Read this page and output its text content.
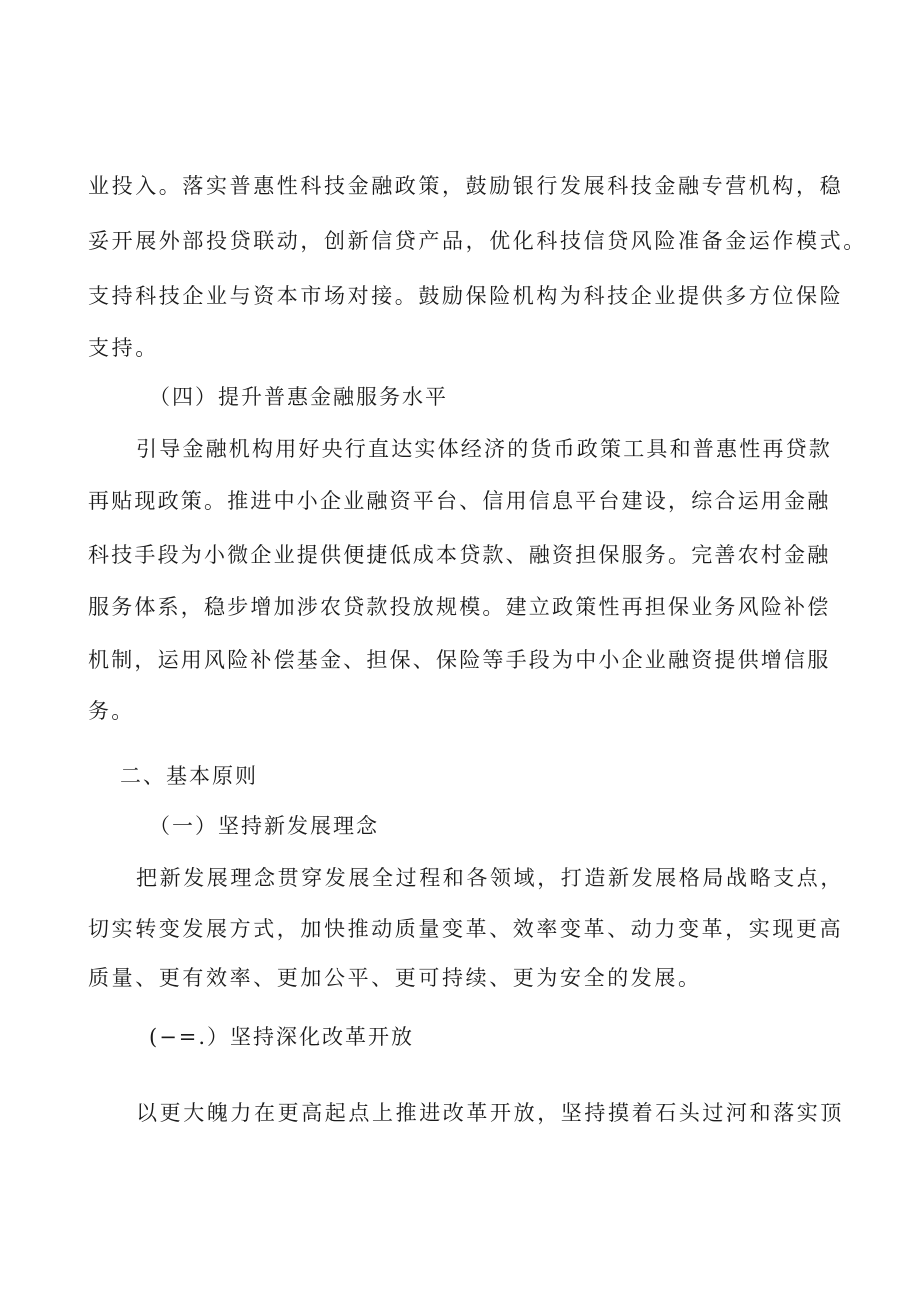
业投入。落实普惠性科技金融政策，鼓励银行发展科技金融专营机构，稳
妥开展外部投贷联动，创新信贷产品，优化科技信贷风险准备金运作模式。
支持科技企业与资本市场对接。鼓励保险机构为科技企业提供多方位保险
支持。
（四）提升普惠金融服务水平
引导金融机构用好央行直达实体经济的货币政策工具和普惠性再贷款
再贴现政策。推进中小企业融资平台、信用信息平台建设，综合运用金融
科技手段为小微企业提供便捷低成本贷款、融资担保服务。完善农村金融
服务体系，稳步增加涉农贷款投放规模。建立政策性再担保业务风险补偿
机制，运用风险补偿基金、担保、保险等手段为中小企业融资提供增信服
务。
二、基本原则
（一）坚持新发展理念
把新发展理念贯穿发展全过程和各领域，打造新发展格局战略支点，
切实转变发展方式，加快推动质量变革、效率变革、动力变革，实现更高
质量、更有效率、更加公平、更可持续、更为安全的发展。
(−=.）坚持深化改革开放
以更大魄力在更高起点上推进改革开放，坚持摸着石头过河和落实顶
